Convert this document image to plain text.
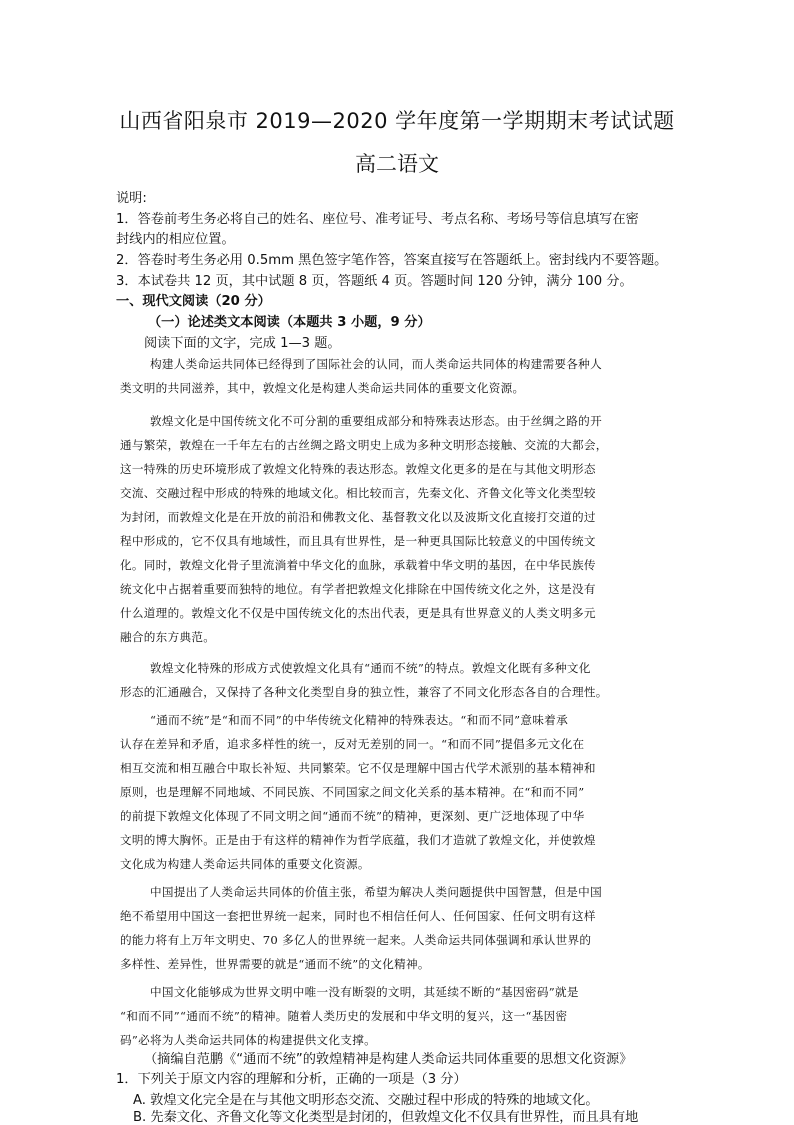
山西省阳泉市 2019—2020 学年度第一学期期末考试试题
高二语文
说明:
1．答卷前考生务必将自己的姓名、座位号、准考证号、考点名称、考场号等信息填写在密
封线内的相应位置。
2．答卷时考生务必用 0.5mm 黑色签字笔作答，答案直接写在答题纸上。密封线内不要答题。
3．本试卷共 12 页，其中试题 8 页，答题纸 4 页。答题时间 120 分钟，满分 100 分。
一、现代文阅读（20 分）
（一）论述类文本阅读（本题共 3 小题，9 分）
阅读下面的文字，完成 1—3 题。
构建人类命运共同体已经得到了国际社会的认同，而人类命运共同体的构建需要各种人
类文明的共同滋养，其中，敦煌文化是构建人类命运共同体的重要文化资源。
敦煌文化是中国传统文化不可分割的重要组成部分和特殊表达形态。由于丝绸之路的开
通与繁荣，敦煌在一千年左右的古丝绸之路文明史上成为多种文明形态接触、交流的大都会，
这一特殊的历史环境形成了敦煌文化特殊的表达形态。敦煌文化更多的是在与其他文明形态
交流、交融过程中形成的特殊的地域文化。相比较而言，先秦文化、齐鲁文化等文化类型较
为封闭，而敦煌文化是在开放的前沿和佛教文化、基督教文化以及波斯文化直接打交道的过
程中形成的，它不仅具有地域性，而且具有世界性，是一种更具国际比较意义的中国传统文
化。同时，敦煌文化骨子里流淌着中华文化的血脉，承载着中华文明的基因，在中华民族传
统文化中占据着重要而独特的地位。有学者把敦煌文化排除在中国传统文化之外，这是没有
什么道理的。敦煌文化不仅是中国传统文化的杰出代表，更是具有世界意义的人类文明多元
融合的东方典范。
敦煌文化特殊的形成方式使敦煌文化具有“通而不统”的特点。敦煌文化既有多种文化
形态的汇通融合，又保持了各种文化类型自身的独立性，兼容了不同文化形态各自的合理性。
“通而不统”是“和而不同”的中华传统文化精神的特殊表达。“和而不同”意味着承
认存在差异和矛盾，追求多样性的统一，反对无差别的同一。“和而不同”提倡多元文化在
相互交流和相互融合中取长补短、共同繁荣。它不仅是理解中国古代学术派别的基本精神和
原则，也是理解不同地域、不同民族、不同国家之间文化关系的基本精神。在“和而不同”
的前提下敦煌文化体现了不同文明之间“通而不统”的精神，更深刻、更广泛地体现了中华
文明的博大胸怀。正是由于有这样的精神作为哲学底蕴，我们才造就了敦煌文化，并使敦煌
文化成为构建人类命运共同体的重要文化资源。
中国提出了人类命运共同体的价值主张，希望为解决人类问题提供中国智慧，但是中国
绝不希望用中国这一套把世界统一起来，同时也不相信任何人、任何国家、任何文明有这样
的能力将有上万年文明史、70 多亿人的世界统一起来。人类命运共同体强调和承认世界的
多样性、差异性，世界需要的就是“通而不统”的文化精神。
中国文化能够成为世界文明中唯一没有断裂的文明，其延续不断的“基因密码”就是
“和而不同”“通而不统”的精神。随着人类历史的发展和中华文明的复兴，这一“基因密
码”必将为人类命运共同体的构建提供文化支撑。
（摘编自范鹏《“通而不统”的敦煌精神是构建人类命运共同体重要的思想文化资源》
1．下列关于原文内容的理解和分析，正确的一项是（3 分）
A. 敦煌文化完全是在与其他文明形态交流、交融过程中形成的特殊的地域文化。
B. 先秦文化、齐鲁文化等文化类型是封闭的，但敦煌文化不仅具有世界性，而且具有地
